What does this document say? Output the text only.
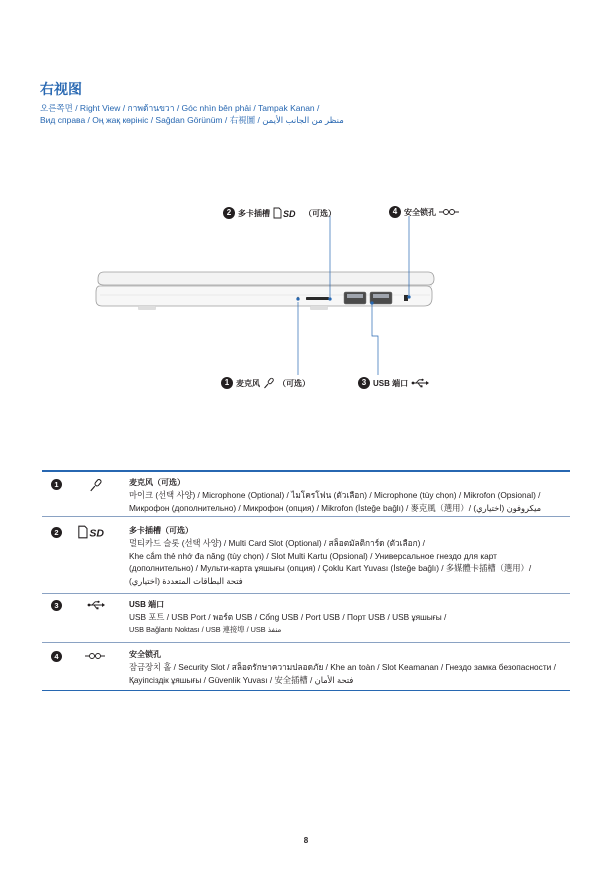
右视图
오른쪽면 / Right View / กาพด้านขวา / Góc nhìn bên phải / Tampak Kanan /
Вид справа / Оң жақ көрініс / Sağdan Görünüm / 右視圖 / منظر من الجانب الأيمن
2 多卡插槽 SD （可选）	4 安全锁孔
1 麦克风 （可选）	3 USB 端口
1	麦克风（可选）
마이크 (선택 사양) / Microphone (Optional) / ไมโครโฟน (ตัวเลือก) / Microphone (tùy chọn) / Mikrofon (Opsional) /
Микрофон (дополнительно) / Микрофон (опция) / Mikrofon (İsteğe bağlı) / 麥克風（選用）/ ميكروفون (اختياري)
2	SD	多卡插槽（可选）
멀티카드 슬롯 (선택 사양) / Multi Card Slot (Optional) / สล็อตมัลติการ์ด (ตัวเลือก) /
Khe cắm thẻ nhớ đa năng (tùy chọn) / Slot Multi Kartu (Opsional) / Универсальное гнездо для карт
(дополнительно) / Мульти-карта ұяшығы (опция) / Çoklu Kart Yuvası (İsteğe bağlı) / 多媒體卡插槽（選用）/
فتحة البطاقات المتعددة (اختياري)
3	USB 端口
USB 포트 / USB Port / พอร์ต USB / Cổng USB / Port USB / Порт USB / USB ұяшығы /
USB Bağlantı Noktası / USB 連接埠 / USB منفذ
4	安全锁孔
잠금장치 홀 / Security Slot / สล็อตรักษาความปลอดภัย / Khe an toàn / Slot Keamanan / Гнездо замка безопасности /
Қауіпсіздік ұяшығы / Güvenlik Yuvası / 安全插槽 / فتحة الأمان
8
